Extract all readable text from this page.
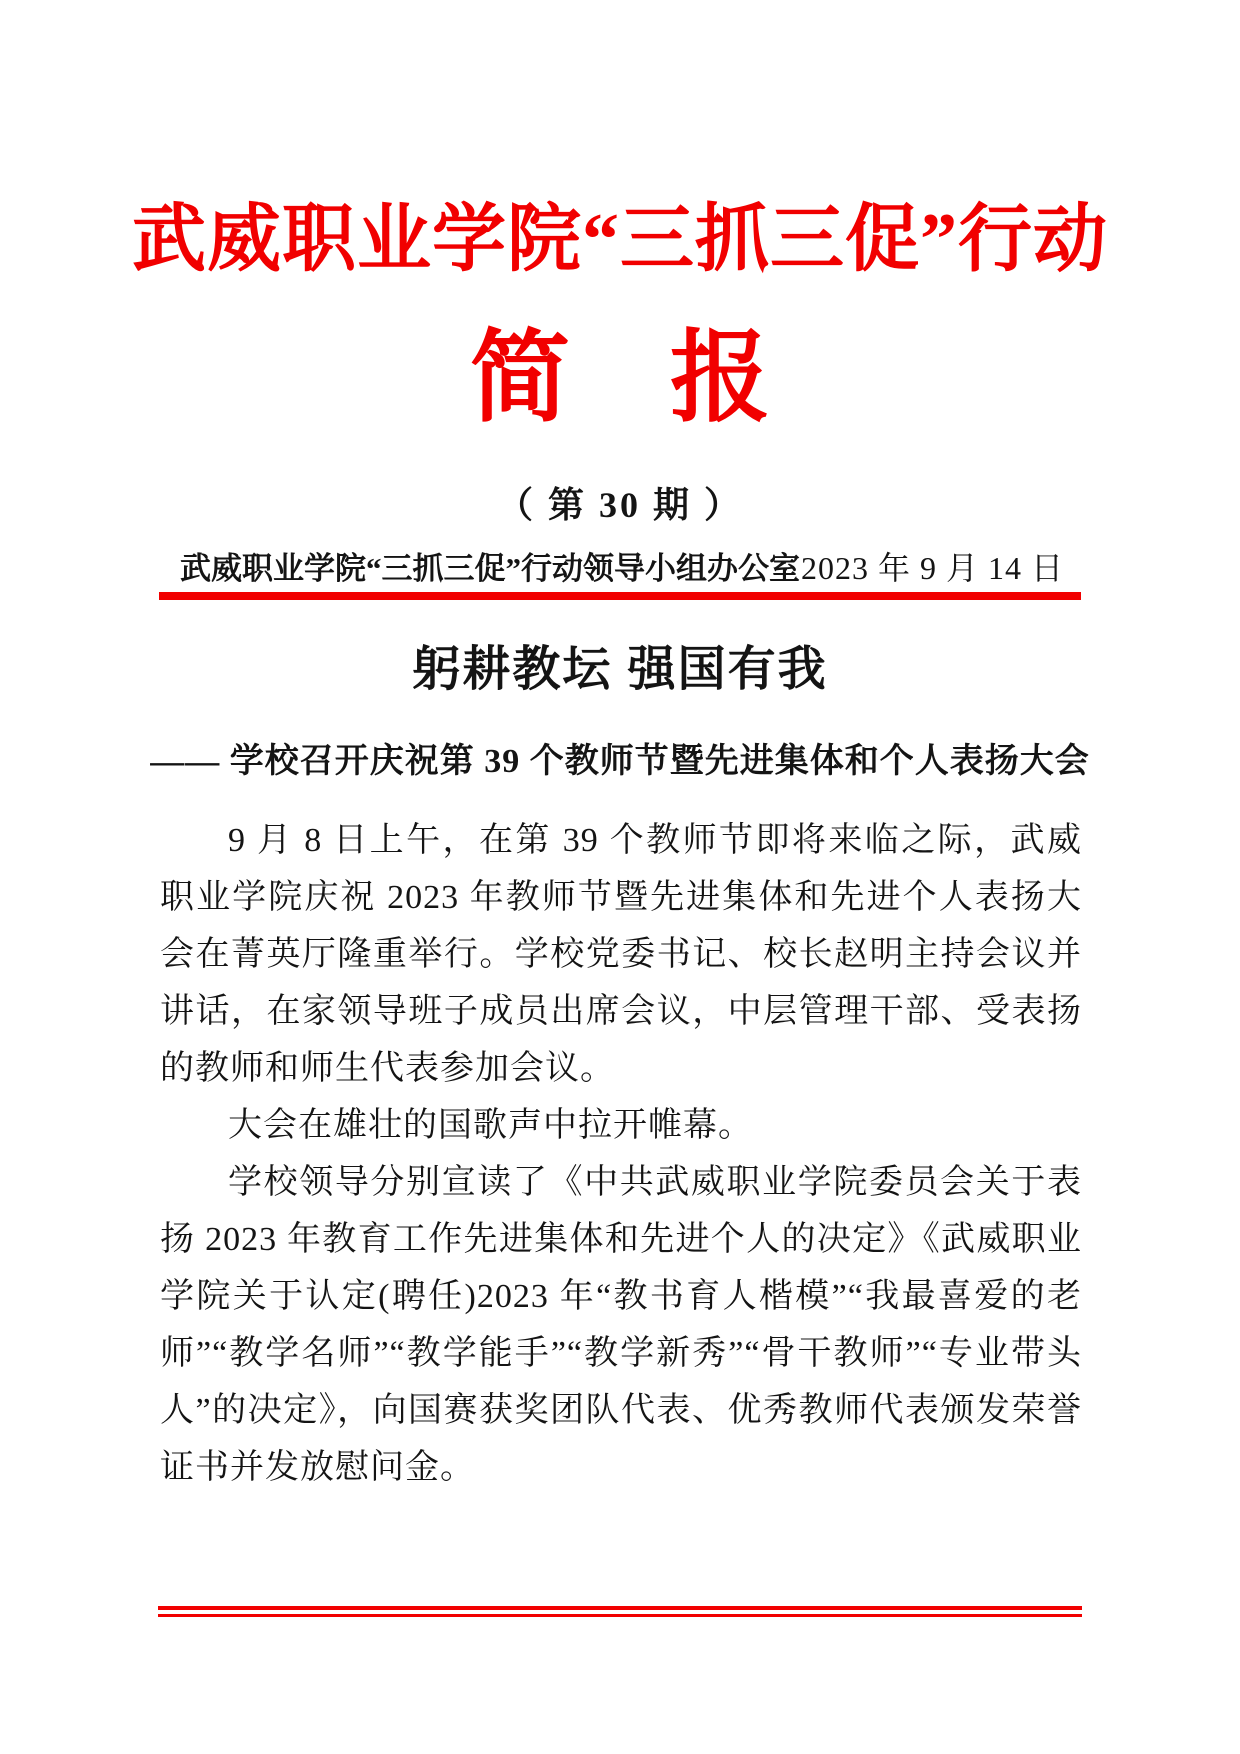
武威职业学院“三抓三促”行动
简　报
（ 第 30 期 ）
武威职业学院“三抓三促”行动领导小组办公室 2023 年 9 月 14 日
躬耕教坛 强国有我
—— 学校召开庆祝第 39 个教师节暨先进集体和个人表扬大会

9 月 8 日上午，在第 39 个教师节即将来临之际，武威职业学院庆祝 2023 年教师节暨先进集体和先进个人表扬大会在菁英厅隆重举行。学校党委书记、校长赵明主持会议并讲话，在家领导班子成员出席会议，中层管理干部、受表扬的教师和师生代表参加会议。

大会在雄壮的国歌声中拉开帷幕。

学校领导分别宣读了《中共武威职业学院委员会关于表扬 2023 年教育工作先进集体和先进个人的决定》《武威职业学院关于认定(聘任)2023 年“教书育人楷模”“我最喜爱的老师”“教学名师”“教学能手”“教学新秀”“骨干教师”“专业带头人”的决定》，向国赛获奖团队代表、优秀教师代表颁发荣誉证书并发放慰问金。
